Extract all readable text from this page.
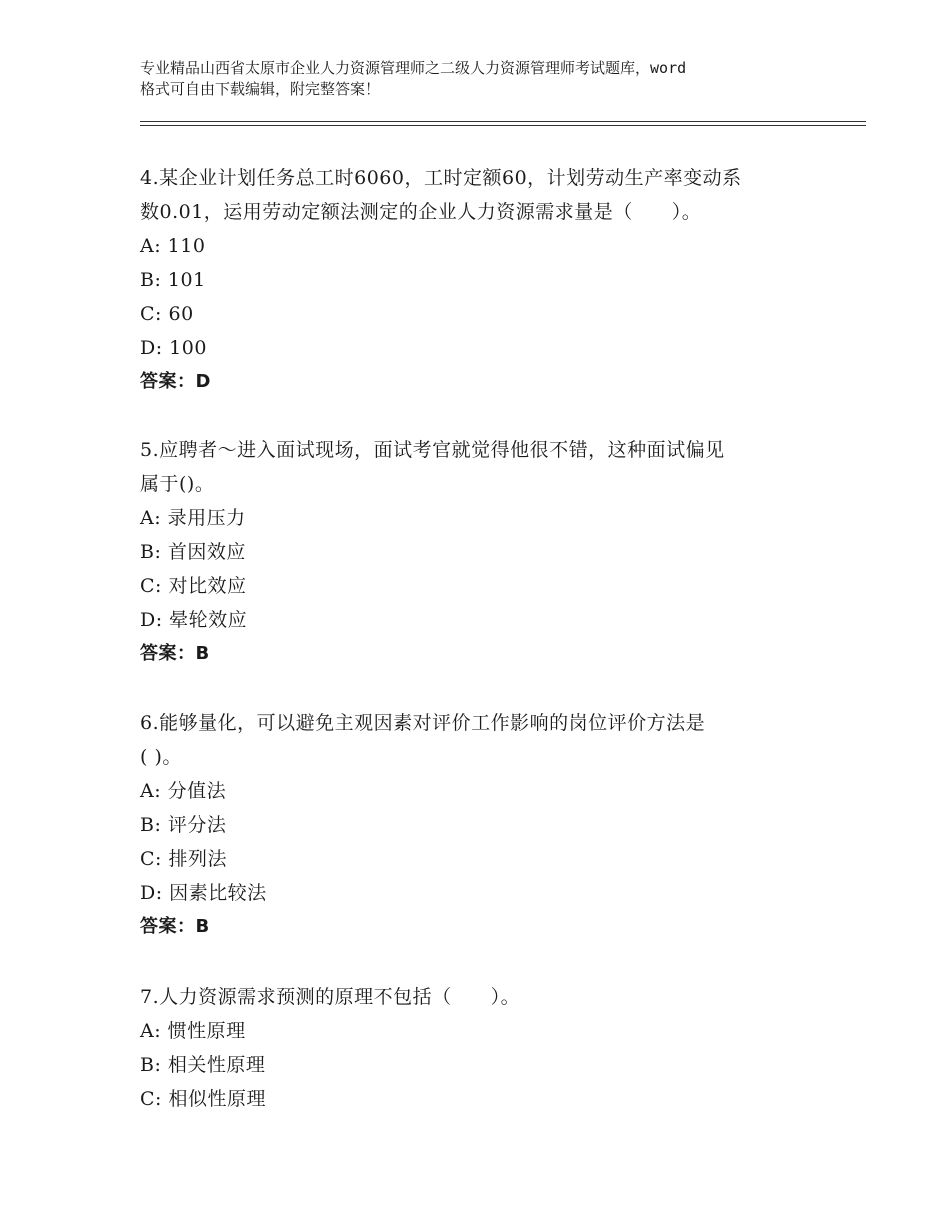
专业精品山西省太原市企业人力资源管理师之二级人力资源管理师考试题库，word
格式可自由下载编辑，附完整答案！
4.某企业计划任务总工时6060，工时定额60，计划劳动生产率变动系
数0.01，运用劳动定额法测定的企业人力资源需求量是（　　）。
A: 110
B: 101
C: 60
D: 100
答案：D
5.应聘者～进入面试现场，面试考官就觉得他很不错，这种面试偏见
属于()。
A: 录用压力
B: 首因效应
C: 对比效应
D: 晕轮效应
答案：B
6.能够量化，可以避免主观因素对评价工作影响的岗位评价方法是
( )。
A: 分值法
B: 评分法
C: 排列法
D: 因素比较法
答案：B
7.人力资源需求预测的原理不包括（　　）。
A: 惯性原理
B: 相关性原理
C: 相似性原理
